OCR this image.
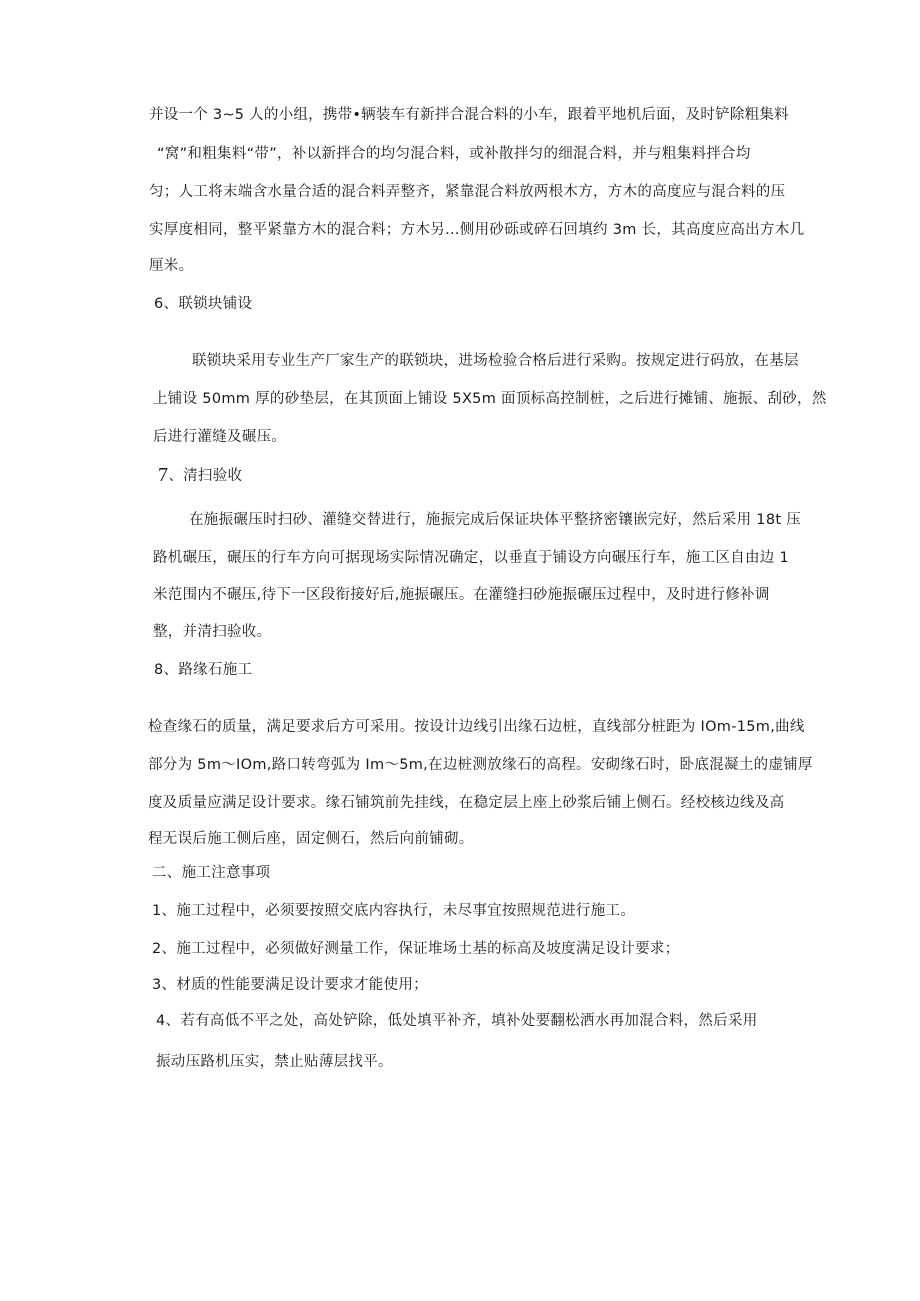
并设一个 3~5 人的小组，携带•辆装车有新拌合混合料的小车，跟着平地机后面，及时铲除粗集料
“窝”和粗集料“带”，补以新拌合的均匀混合料，或补散拌匀的细混合料，并与粗集料拌合均
匀；人工将末端含水量合适的混合料弄整齐，紧靠混合料放两根木方，方木的高度应与混合料的压
实厚度相同，整平紧靠方木的混合料；方木另…侧用砂砾或碎石回填约 3m 长，其高度应高出方木几
厘米。
6、联锁块铺设
联锁块采用专业生产厂家生产的联锁块，进场检验合格后进行采购。按规定进行码放，在基层
上铺设 50mm 厚的砂垫层，在其顶面上铺设 5X5m 面顶标高控制桩，之后进行摊铺、施振、刮砂，然
后进行灌缝及碾压。
7、清扫验收
在施振碾压时扫砂、灌缝交替进行，施振完成后保证块体平整挤密镶嵌完好，然后采用 18t 压
路机碾压，碾压的行车方向可据现场实际情况确定，以垂直于铺设方向碾压行车，施工区自由边 1
米范围内不碾压,待下一区段衔接好后,施振碾压。在灌缝扫砂施振碾压过程中，及时进行修补调
整，并清扫验收。
8、路缘石施工
检查缘石的质量，满足要求后方可采用。按设计边线引出缘石边桩，直线部分桩距为 IOm-15m,曲线
部分为 5m～IOm,路口转弯弧为 Im～5m,在边桩测放缘石的高程。安砌缘石时，卧底混凝土的虚铺厚
度及质量应满足设计要求。缘石铺筑前先挂线，在稳定层上座上砂浆后铺上侧石。经校核边线及高
程无误后施工侧后座，固定侧石，然后向前铺砌。
二、施工注意事项
1、施工过程中，必须要按照交底内容执行，未尽事宜按照规范进行施工。
2、施工过程中，必须做好测量工作，保证堆场土基的标高及坡度满足设计要求；
3、材质的性能要满足设计要求才能使用；
4、若有高低不平之处，高处铲除，低处填平补齐，填补处要翻松洒水再加混合料，然后采用
振动压路机压实，禁止贴薄层找平。
